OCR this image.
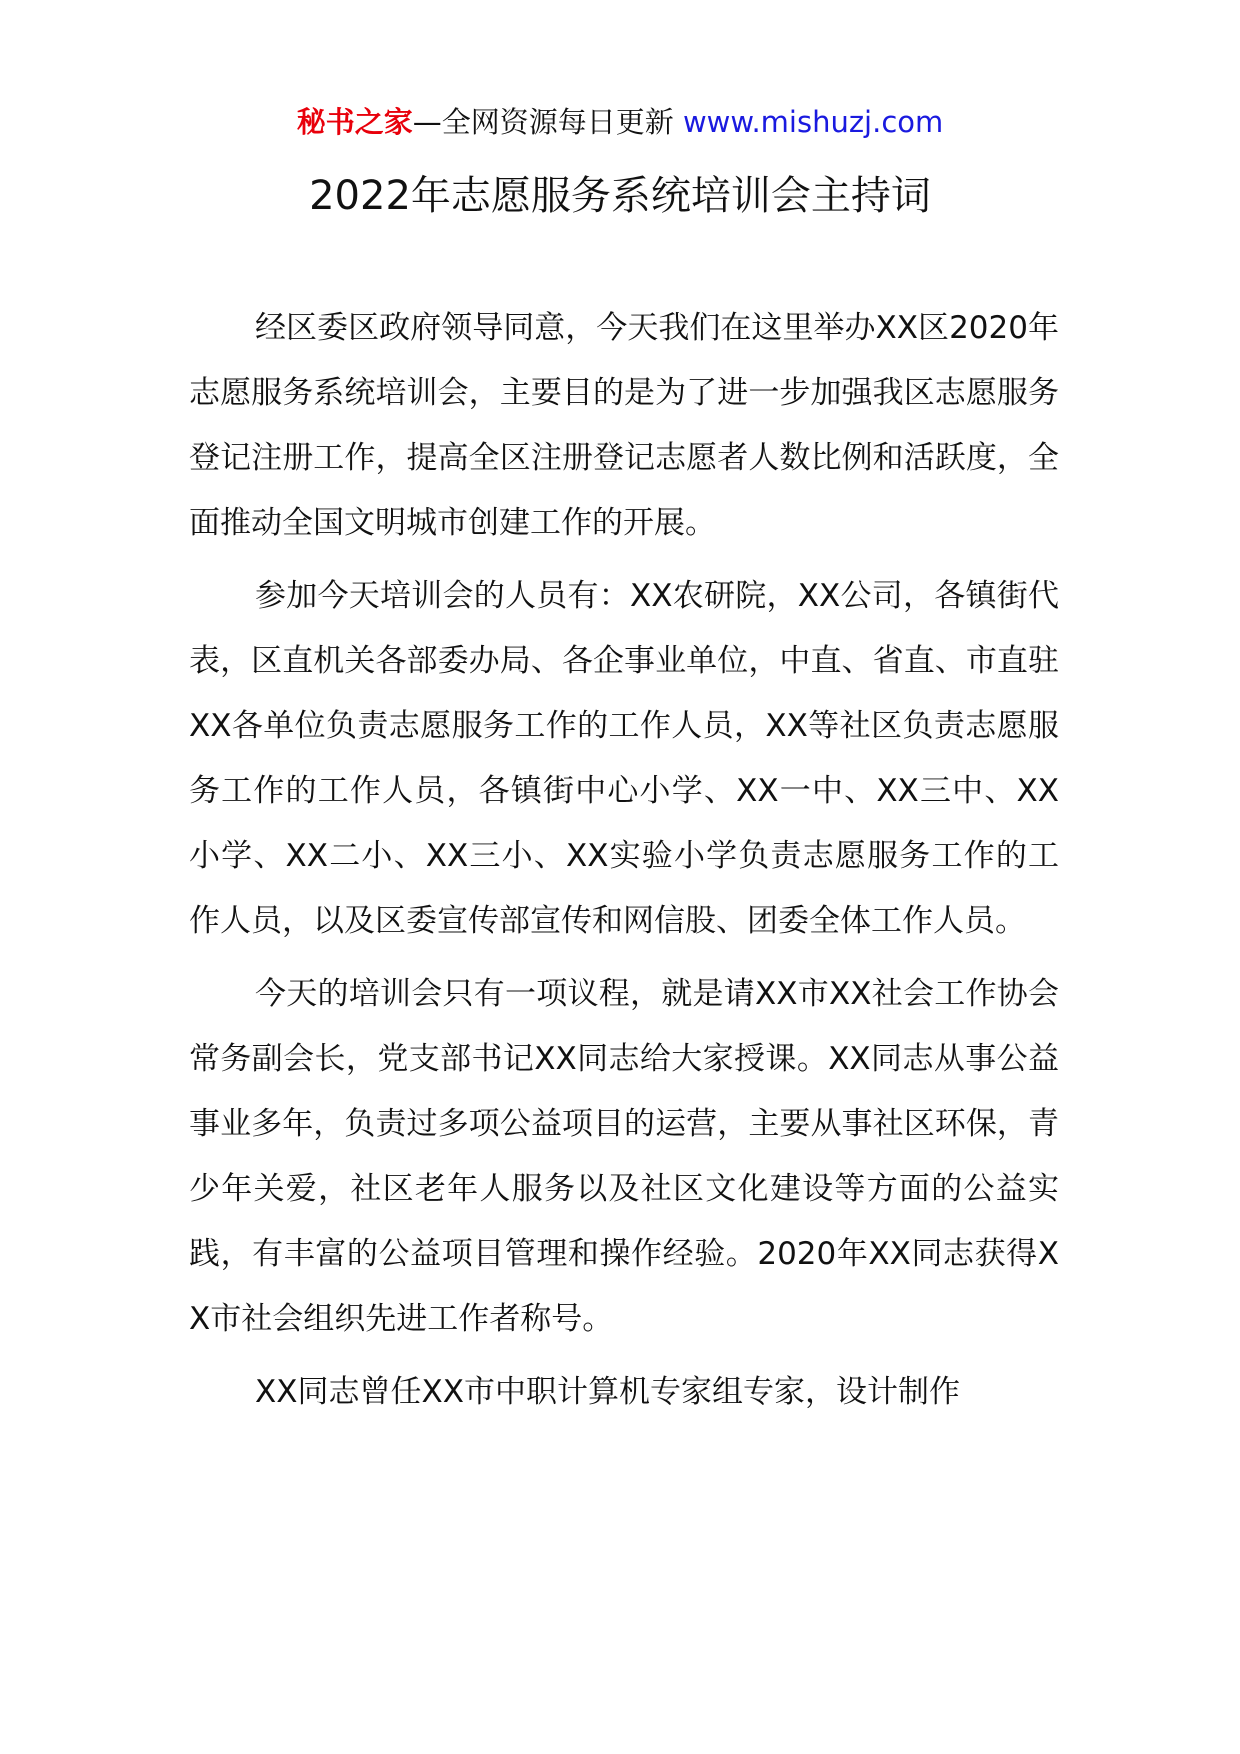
秘书之家—全网资源每日更新 www.mishuzj.com
2022年志愿服务系统培训会主持词

经区委区政府领导同意，今天我们在这里举办XX区2020年志愿服务系统培训会，主要目的是为了进一步加强我区志愿服务登记注册工作，提高全区注册登记志愿者人数比例和活跃度，全面推动全国文明城市创建工作的开展。

参加今天培训会的人员有：XX农研院，XX公司，各镇街代表，区直机关各部委办局、各企事业单位，中直、省直、市直驻XX各单位负责志愿服务工作的工作人员，XX等社区负责志愿服务工作的工作人员，各镇街中心小学、XX一中、XX三中、XX小学、XX二小、XX三小、XX实验小学负责志愿服务工作的工作人员，以及区委宣传部宣传和网信股、团委全体工作人员。

今天的培训会只有一项议程，就是请XX市XX社会工作协会常务副会长，党支部书记XX同志给大家授课。XX同志从事公益事业多年，负责过多项公益项目的运营，主要从事社区环保，青少年关爱，社区老年人服务以及社区文化建设等方面的公益实践，有丰富的公益项目管理和操作经验。2020年XX同志获得XX市社会组织先进工作者称号。

XX同志曾任XX市中职计算机专家组专家，设计制作
